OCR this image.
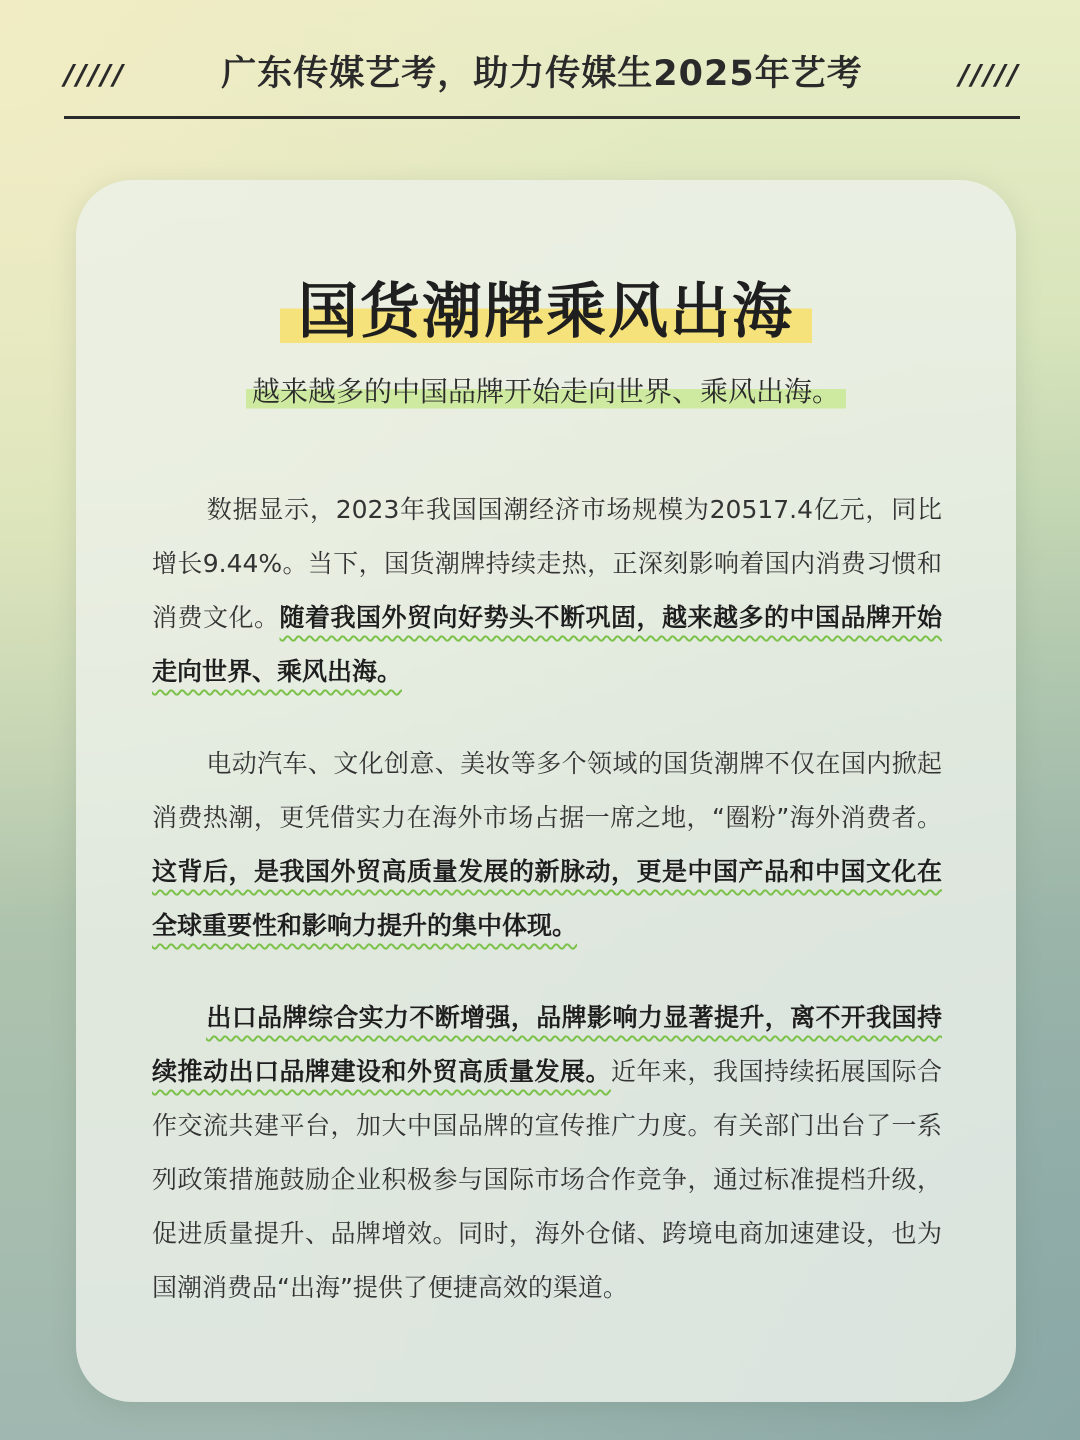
/////	广东传媒艺考，助力传媒生2025年艺考	/////
国货潮牌乘风出海
越来越多的中国品牌开始走向世界、乘风出海。

数据显示，2023年我国国潮经济市场规模为20517.4亿元，同比增长9.44%。当下，国货潮牌持续走热，正深刻影响着国内消费习惯和消费文化。随着我国外贸向好势头不断巩固，越来越多的中国品牌开始走向世界、乘风出海。

电动汽车、文化创意、美妆等多个领域的国货潮牌不仅在国内掀起消费热潮，更凭借实力在海外市场占据一席之地，“圈粉”海外消费者。这背后，是我国外贸高质量发展的新脉动，更是中国产品和中国文化在全球重要性和影响力提升的集中体现。

出口品牌综合实力不断增强，品牌影响力显著提升，离不开我国持续推动出口品牌建设和外贸高质量发展。近年来，我国持续拓展国际合作交流共建平台，加大中国品牌的宣传推广力度。有关部门出台了一系列政策措施鼓励企业积极参与国际市场合作竞争，通过标准提档升级，促进质量提升、品牌增效。同时，海外仓储、跨境电商加速建设，也为国潮消费品“出海”提供了便捷高效的渠道。
